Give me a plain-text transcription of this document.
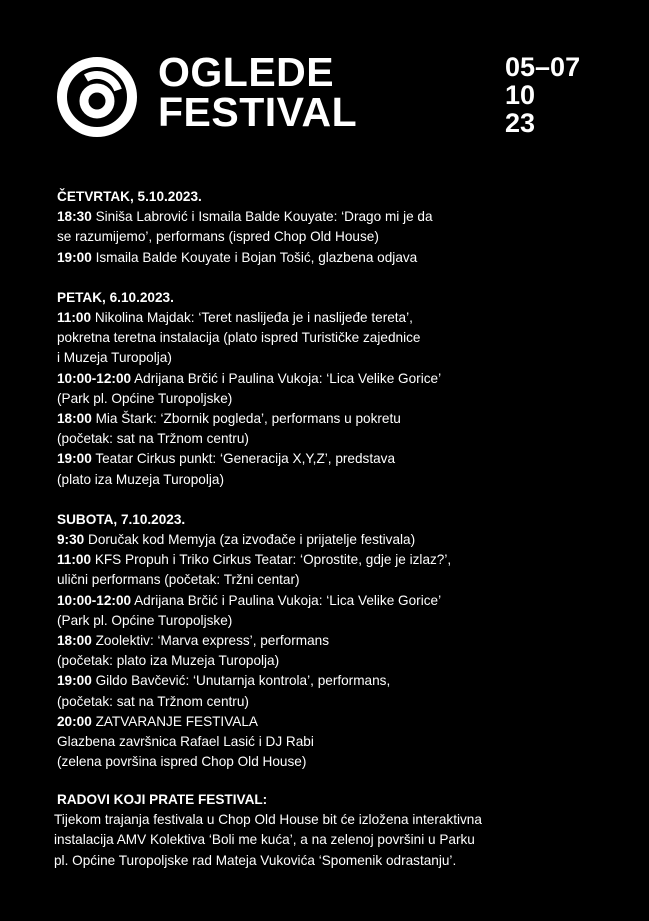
OGLEDE
FESTIVAL
05–07
10
23
ČETVRTAK, 5.10.2023.
18:30 Siniša Labrović i Ismaila Balde Kouyate: ‘Drago mi je da
se razumijemo’, performans (ispred Chop Old House)
19:00 Ismaila Balde Kouyate i Bojan Tošić, glazbena odjava
PETAK, 6.10.2023.
11:00 Nikolina Majdak: ‘Teret naslijeđa je i naslijeđe tereta’,
pokretna teretna instalacija (plato ispred Turističke zajednice
i Muzeja Turopolja)
10:00-12:00 Adrijana Brčić i Paulina Vukoja: ‘Lica Velike Gorice’
(Park pl. Općine Turopoljske)
18:00 Mia Štark: ‘Zbornik pogleda’, performans u pokretu
(početak: sat na Tržnom centru)
19:00 Teatar Cirkus punkt: ‘Generacija X,Y,Z’, predstava
(plato iza Muzeja Turopolja)
SUBOTA, 7.10.2023.
9:30 Doručak kod Memyja (za izvođače i prijatelje festivala)
11:00 KFS Propuh i Triko Cirkus Teatar: ‘Oprostite, gdje je izlaz?’,
ulični performans (početak: Tržni centar)
10:00-12:00 Adrijana Brčić i Paulina Vukoja: ‘Lica Velike Gorice’
(Park pl. Općine Turopoljske)
18:00 Zoolektiv: ‘Marva express’, performans
(početak: plato iza Muzeja Turopolja)
19:00 Gildo Bavčević: ‘Unutarnja kontrola’, performans,
(početak: sat na Tržnom centru)
20:00 ZATVARANJE FESTIVALA
Glazbena završnica Rafael Lasić i DJ Rabi
(zelena površina ispred Chop Old House)
RADOVI KOJI PRATE FESTIVAL:
Tijekom trajanja festivala u Chop Old House bit će izložena interaktivna
instalacija AMV Kolektiva ‘Boli me kuća’, a na zelenoj površini u Parku
pl. Općine Turopoljske rad Mateja Vukovića ‘Spomenik odrastanju’.
